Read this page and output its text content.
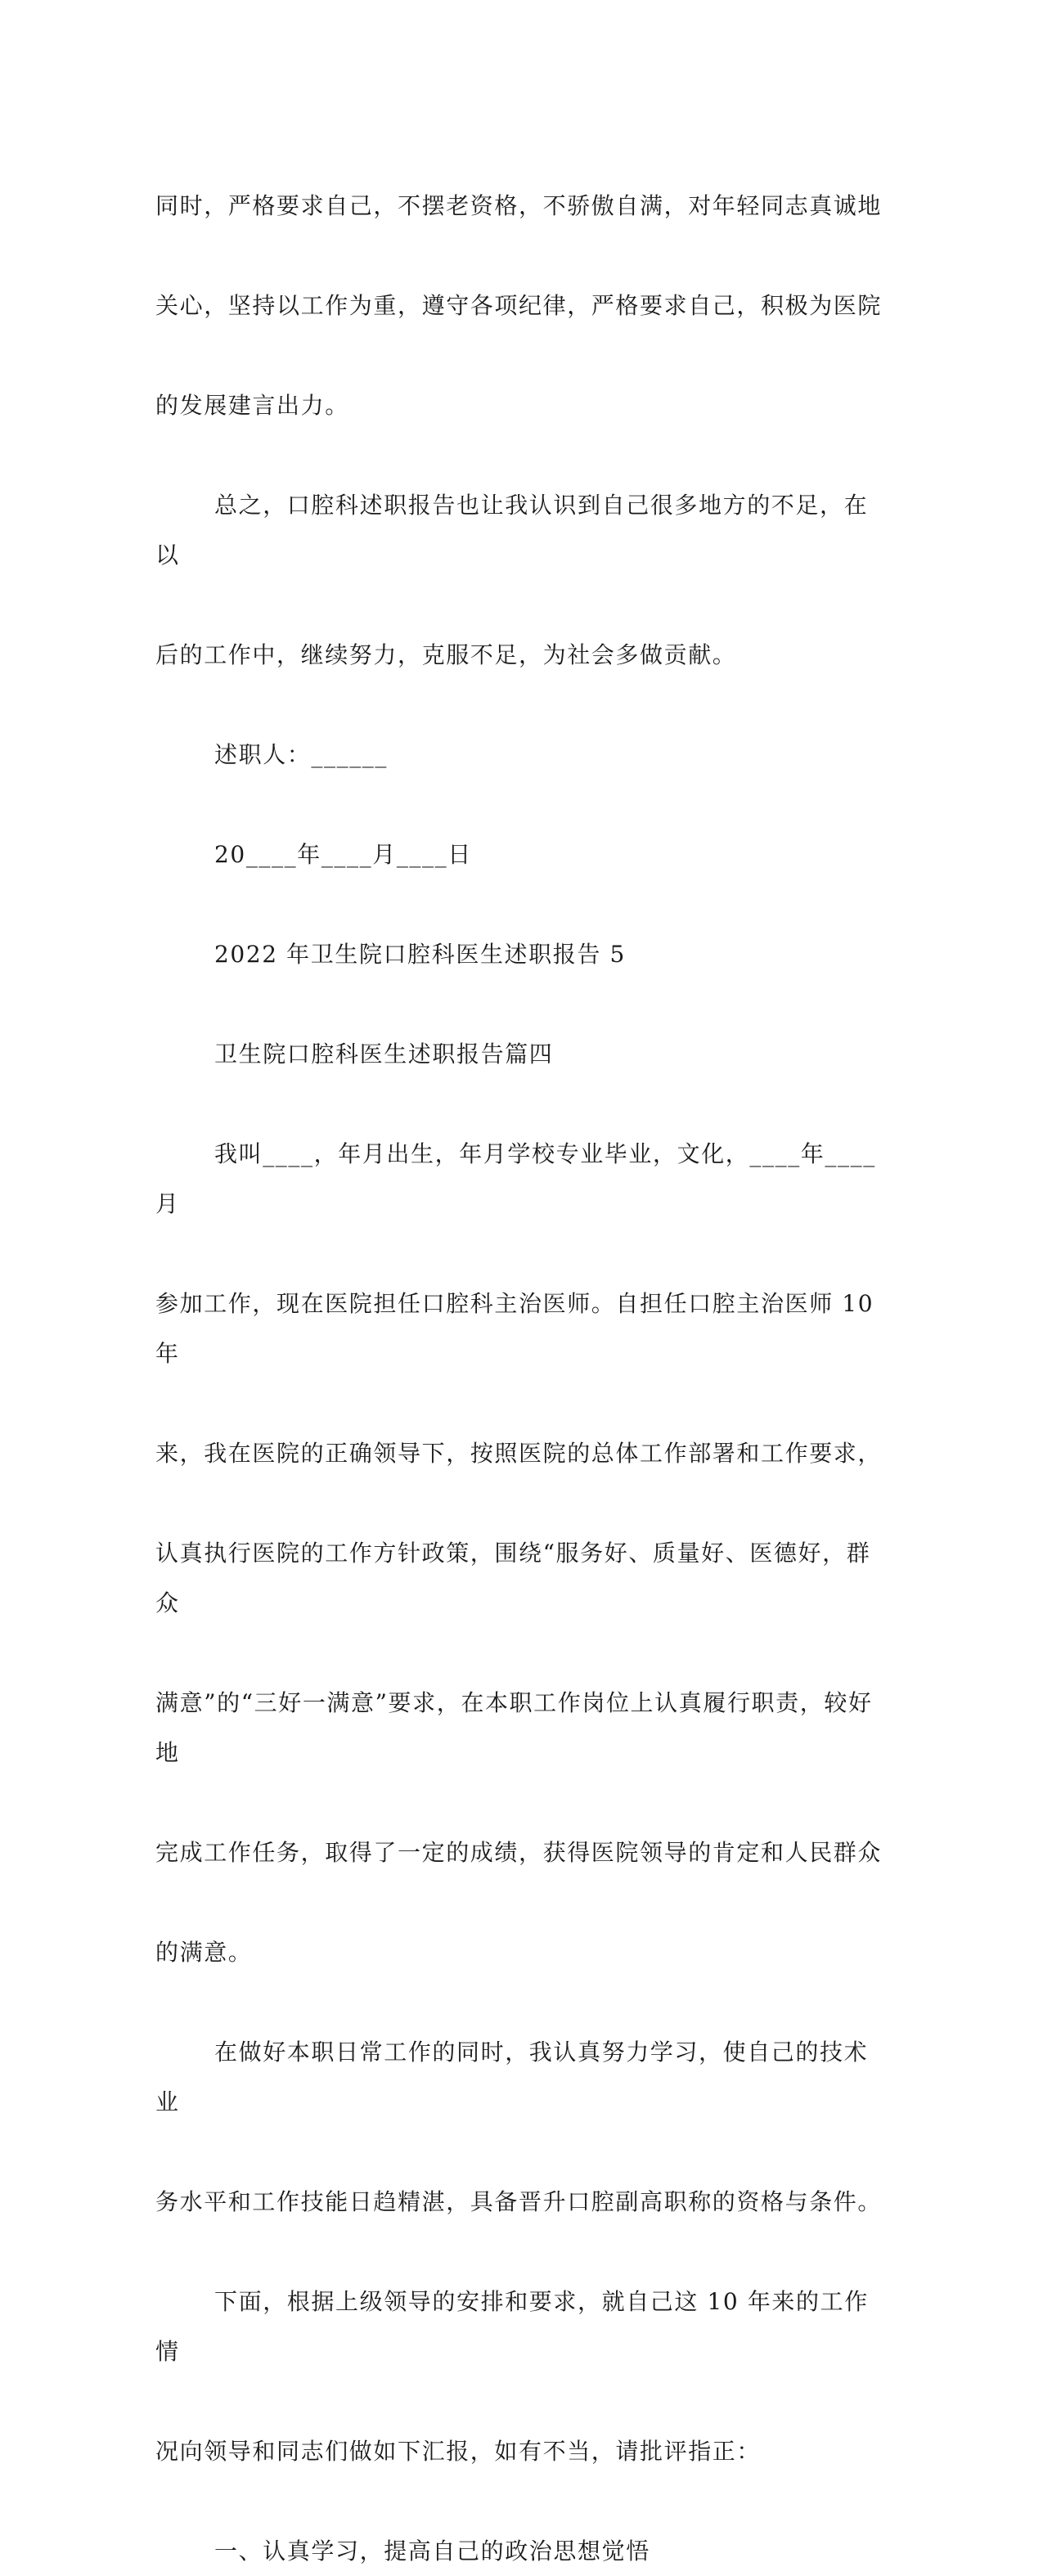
同时，严格要求自己，不摆老资格，不骄傲自满，对年轻同志真诚地

关心，坚持以工作为重，遵守各项纪律，严格要求自己，积极为医院

的发展建言出力。

总之，口腔科述职报告也让我认识到自己很多地方的不足，在以

后的工作中，继续努力，克服不足，为社会多做贡献。

述职人：______

20____年____月____日

2022 年卫生院口腔科医生述职报告 5

卫生院口腔科医生述职报告篇四

我叫____，年月出生，年月学校专业毕业，文化，____年____月

参加工作，现在医院担任口腔科主治医师。自担任口腔主治医师 10 年

来，我在医院的正确领导下，按照医院的总体工作部署和工作要求，

认真执行医院的工作方针政策，围绕“服务好、质量好、医德好，群众

满意”的“三好一满意”要求，在本职工作岗位上认真履行职责，较好地

完成工作任务，取得了一定的成绩，获得医院领导的肯定和人民群众

的满意。

在做好本职日常工作的同时，我认真努力学习，使自己的技术业

务水平和工作技能日趋精湛，具备晋升口腔副高职称的资格与条件。

下面，根据上级领导的安排和要求，就自己这 10 年来的工作情

况向领导和同志们做如下汇报，如有不当，请批评指正：

一、认真学习，提高自己的政治思想觉悟
